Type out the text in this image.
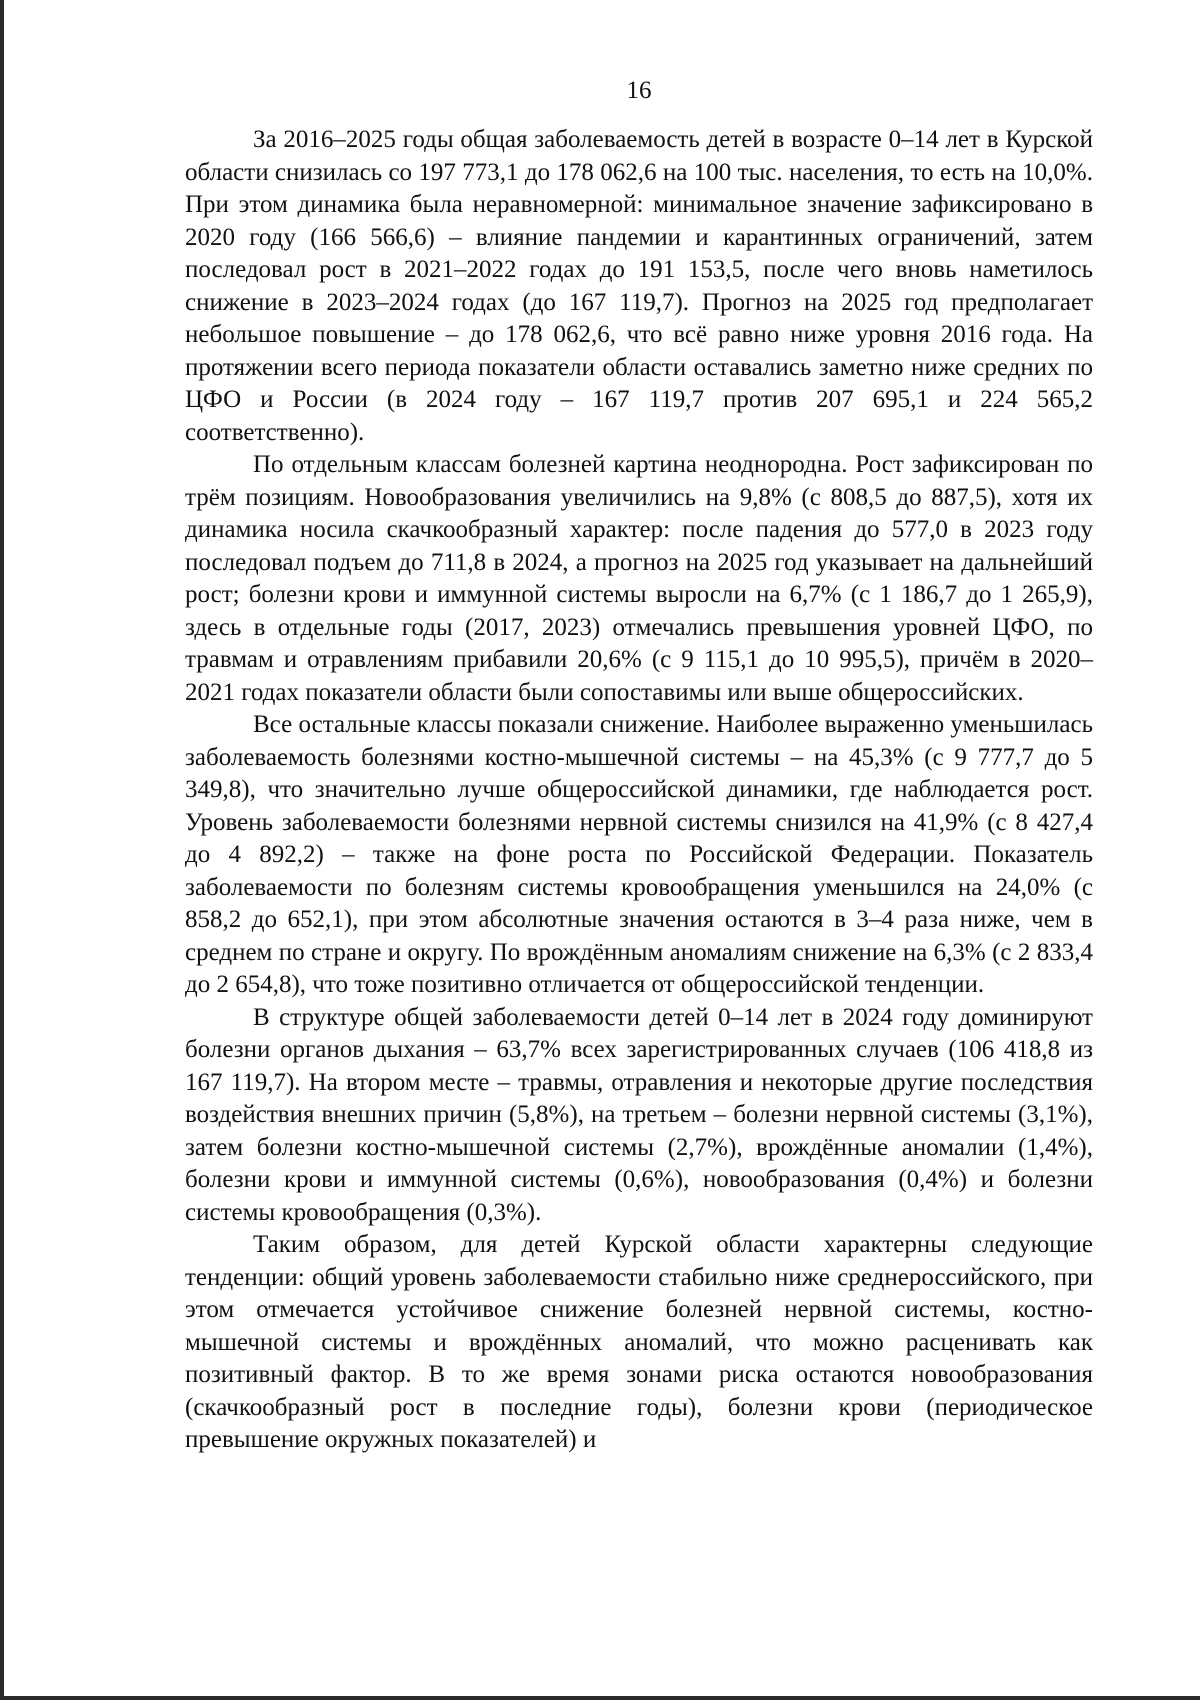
16

За 2016–2025 годы общая заболеваемость детей в возрасте 0–14 лет в Курской области снизилась со 197 773,1 до 178 062,6 на 100 тыс. населения, то есть на 10,0%. При этом динамика была неравномерной: минимальное значение зафиксировано в 2020 году (166 566,6) – влияние пандемии и карантинных ограничений, затем последовал рост в 2021–2022 годах до 191 153,5, после чего вновь наметилось снижение в 2023–2024 годах (до 167 119,7). Прогноз на 2025 год предполагает небольшое повышение – до 178 062,6, что всё равно ниже уровня 2016 года. На протяжении всего периода показатели области оставались заметно ниже средних по ЦФО и России (в 2024 году – 167 119,7 против 207 695,1 и 224 565,2 соответственно).

По отдельным классам болезней картина неоднородна. Рост зафиксирован по трём позициям. Новообразования увеличились на 9,8% (с 808,5 до 887,5), хотя их динамика носила скачкообразный характер: после падения до 577,0 в 2023 году последовал подъем до 711,8 в 2024, а прогноз на 2025 год указывает на дальнейший рост; болезни крови и иммунной системы выросли на 6,7% (с 1 186,7 до 1 265,9), здесь в отдельные годы (2017, 2023) отмечались превышения уровней ЦФО, по травмам и отравлениям прибавили 20,6% (с 9 115,1 до 10 995,5), причём в 2020–2021 годах показатели области были сопоставимы или выше общероссийских.

Все остальные классы показали снижение. Наиболее выраженно уменьшилась заболеваемость болезнями костно-мышечной системы – на 45,3% (с 9 777,7 до 5 349,8), что значительно лучше общероссийской динамики, где наблюдается рост. Уровень заболеваемости болезнями нервной системы снизился на 41,9% (с 8 427,4 до 4 892,2) – также на фоне роста по Российской Федерации. Показатель заболеваемости по болезням системы кровообращения уменьшился на 24,0% (с 858,2 до 652,1), при этом абсолютные значения остаются в 3–4 раза ниже, чем в среднем по стране и округу. По врождённым аномалиям снижение на 6,3% (с 2 833,4 до 2 654,8), что тоже позитивно отличается от общероссийской тенденции.

В структуре общей заболеваемости детей 0–14 лет в 2024 году доминируют болезни органов дыхания – 63,7% всех зарегистрированных случаев (106 418,8 из 167 119,7). На втором месте – травмы, отравления и некоторые другие последствия воздействия внешних причин (5,8%), на третьем – болезни нервной системы (3,1%), затем болезни костно-мышечной системы (2,7%), врождённые аномалии (1,4%), болезни крови и иммунной системы (0,6%), новообразования (0,4%) и болезни системы кровообращения (0,3%).

Таким образом, для детей Курской области характерны следующие тенденции: общий уровень заболеваемости стабильно ниже среднероссийского, при этом отмечается устойчивое снижение болезней нервной системы, костно-мышечной системы и врождённых аномалий, что можно расценивать как позитивный фактор. В то же время зонами риска остаются новообразования (скачкообразный рост в последние годы), болезни крови (периодическое превышение окружных показателей) и
